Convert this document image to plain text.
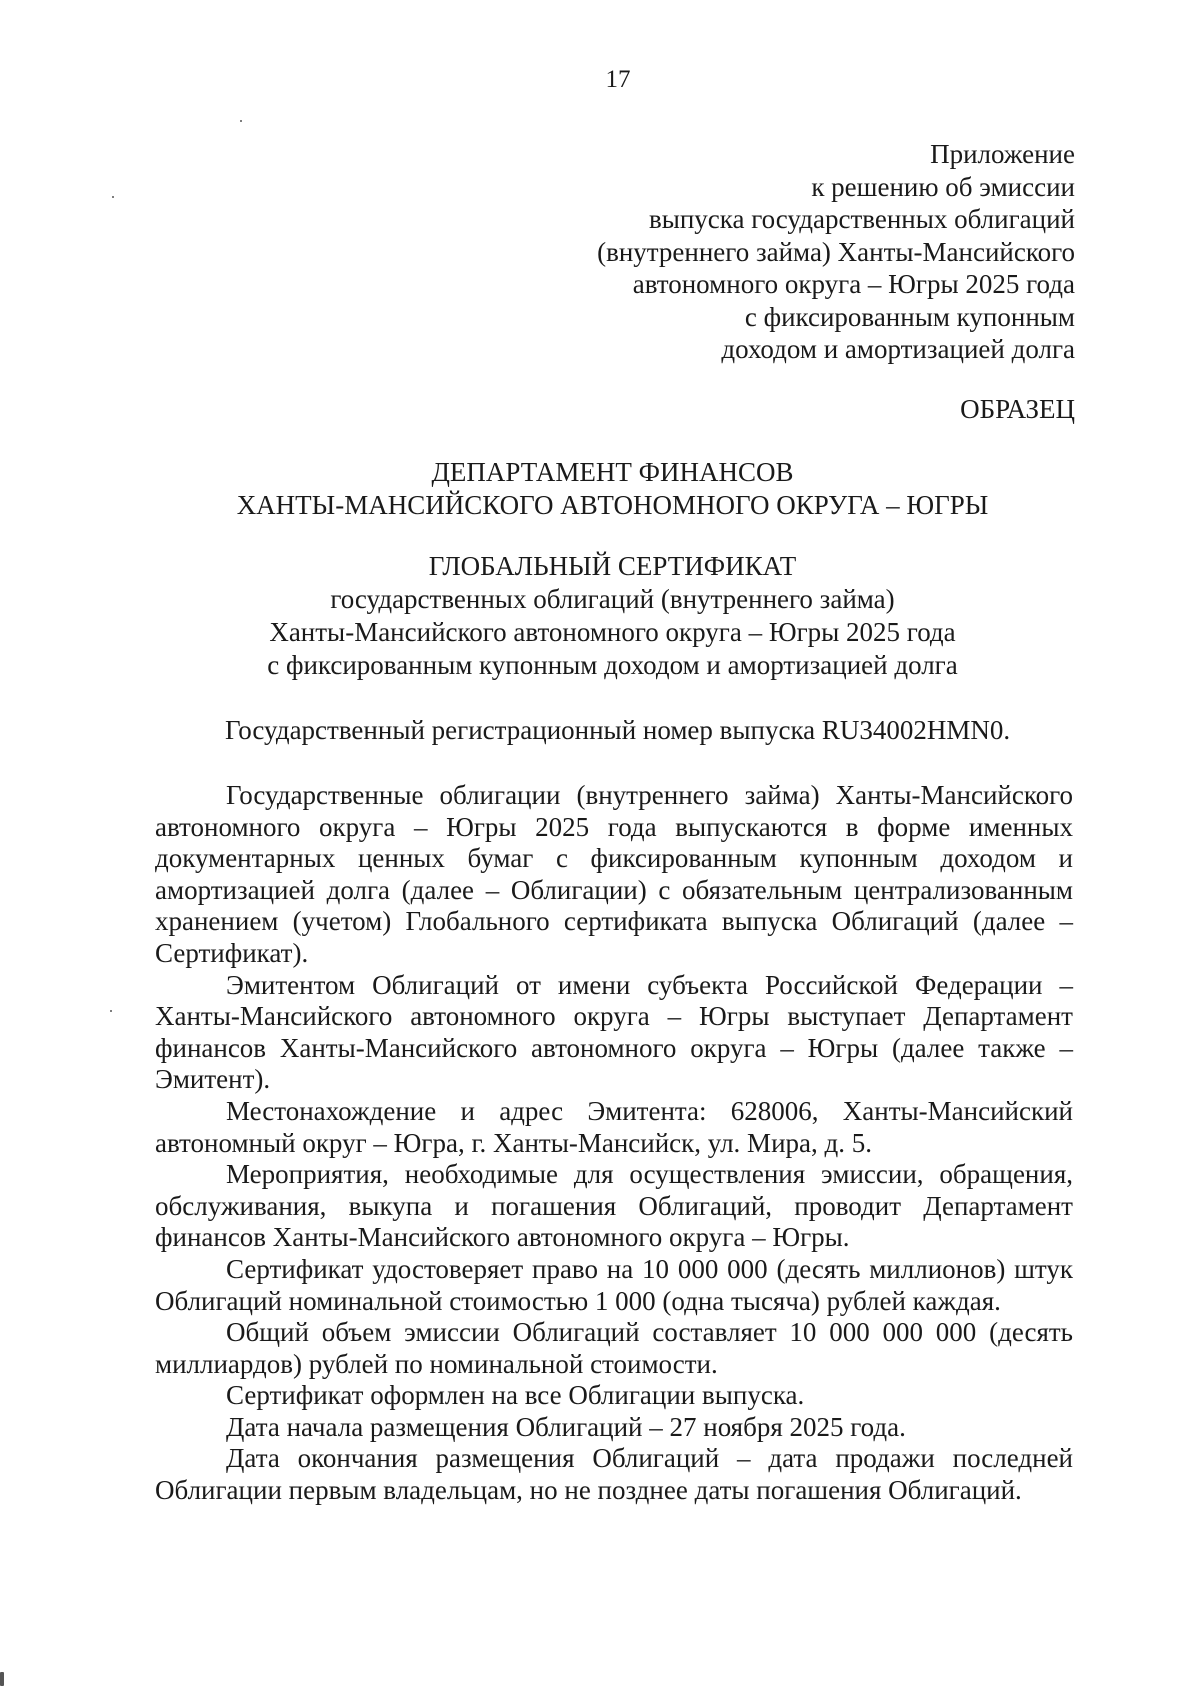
17
Приложение
к решению об эмиссии
выпуска государственных облигаций
(внутреннего займа) Ханты-Мансийского
автономного округа – Югры 2025 года
с фиксированным купонным
доходом и амортизацией долга
ОБРАЗЕЦ
ДЕПАРТАМЕНТ ФИНАНСОВ
ХАНТЫ-МАНСИЙСКОГО АВТОНОМНОГО ОКРУГА – ЮГРЫ
ГЛОБАЛЬНЫЙ СЕРТИФИКАТ
государственных облигаций (внутреннего займа)
Ханты-Мансийского автономного округа – Югры 2025 года
с фиксированным купонным доходом и амортизацией долга
Государственный регистрационный номер выпуска RU34002HMN0.

Государственные облигации (внутреннего займа) Ханты-Мансийского автономного округа – Югры 2025 года выпускаются в форме именных документарных ценных бумаг с фиксированным купонным доходом и амортизацией долга (далее – Облигации) с обязательным централизованным хранением (учетом) Глобального сертификата выпуска Облигаций (далее – Сертификат).

Эмитентом Облигаций от имени субъекта Российской Федерации – Ханты-Мансийского автономного округа – Югры выступает Департамент финансов Ханты-Мансийского автономного округа – Югры (далее также – Эмитент).

Местонахождение и адрес Эмитента: 628006, Ханты-Мансийский автономный округ – Югра, г. Ханты-Мансийск, ул. Мира, д. 5.

Мероприятия, необходимые для осуществления эмиссии, обращения, обслуживания, выкупа и погашения Облигаций, проводит Департамент финансов Ханты-Мансийского автономного округа – Югры.

Сертификат удостоверяет право на 10 000 000 (десять миллионов) штук Облигаций номинальной стоимостью 1 000 (одна тысяча) рублей каждая.

Общий объем эмиссии Облигаций составляет 10 000 000 000 (десять миллиардов) рублей по номинальной стоимости.

Сертификат оформлен на все Облигации выпуска.

Дата начала размещения Облигаций – 27 ноября 2025 года.

Дата окончания размещения Облигаций – дата продажи последней Облигации первым владельцам, но не позднее даты погашения Облигаций.
